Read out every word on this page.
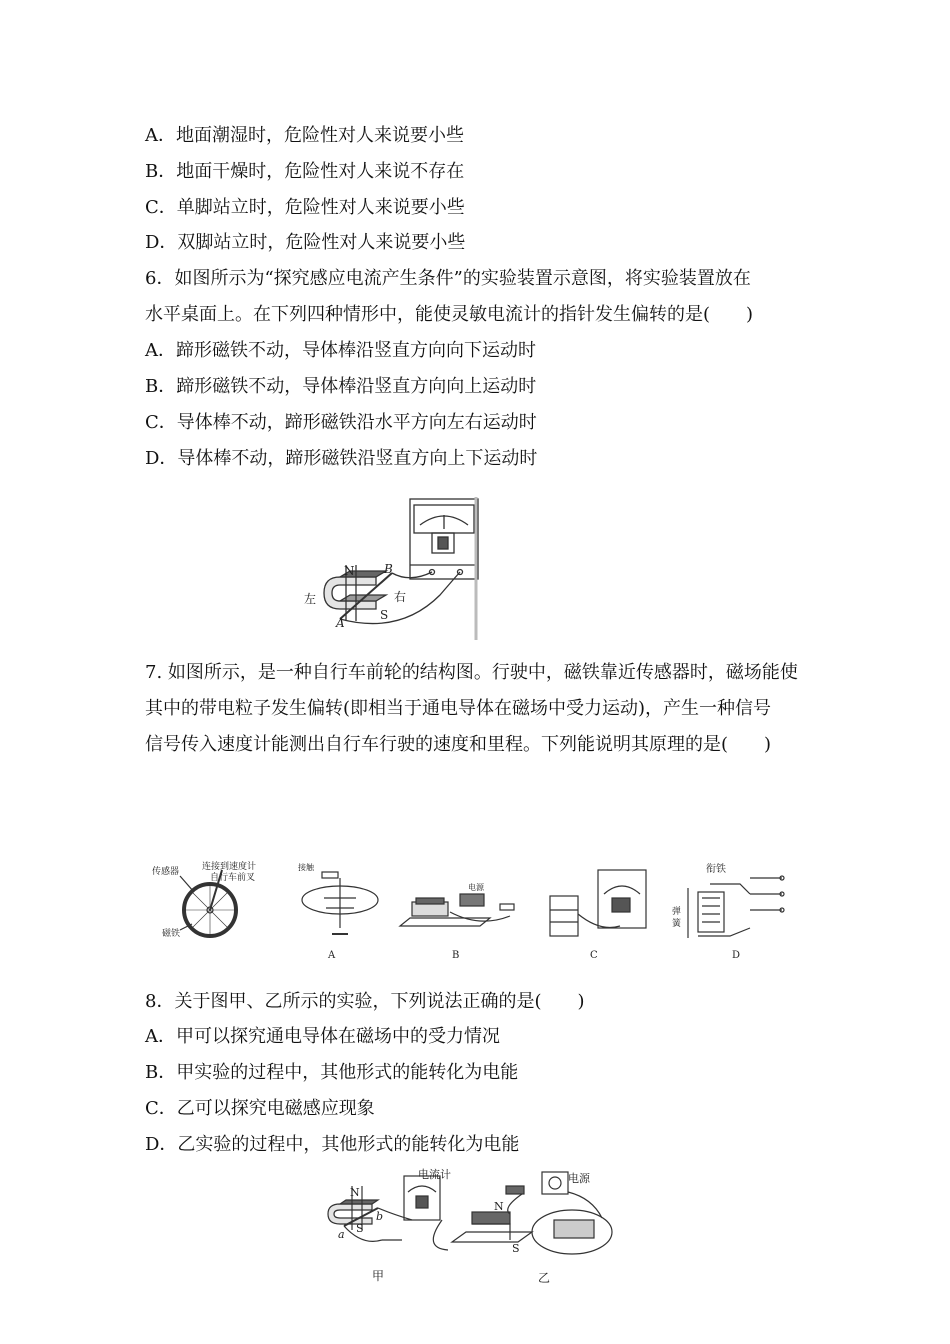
A．地面潮湿时，危险性对人来说要小些
B．地面干燥时，危险性对人来说不存在
C．单脚站立时，危险性对人来说要小些
D．双脚站立时，危险性对人来说要小些
6．如图所示为“探究感应电流产生条件”的实验装置示意图，将实验装置放在
水平桌面上。在下列四种情形中，能使灵敏电流计的指针发生偏转的是(　　)
A．蹄形磁铁不动，导体棒沿竖直方向向下运动时
B．蹄形磁铁不动，导体棒沿竖直方向向上运动时
C．导体棒不动，蹄形磁铁沿水平方向左右运动时
D．导体棒不动，蹄形磁铁沿竖直方向上下运动时
N B
左	右
S
A
7. 如图所示，是一种自行车前轮的结构图。行驶中，磁铁靠近传感器时，磁场能使
其中的带电粒子发生偏转(即相当于通电导体在磁场中受力运动)，产生一种信号
信号传入速度计能测出自行车行驶的速度和里程。下列能说明其原理的是(　　)
传感器	连接到速度计
自行车前叉
磁铁
接触
电源
衔铁
弹
簧
A	B	C	D
8．关于图甲、乙所示的实验，下列说法正确的是(　　)
A．甲可以探究通电导体在磁场中的受力情况
B．甲实验的过程中，其他形式的能转化为电能
C．乙可以探究电磁感应现象
D．乙实验的过程中，其他形式的能转化为电能
电流计	电源
N
S
a
b
N
S
甲	乙
